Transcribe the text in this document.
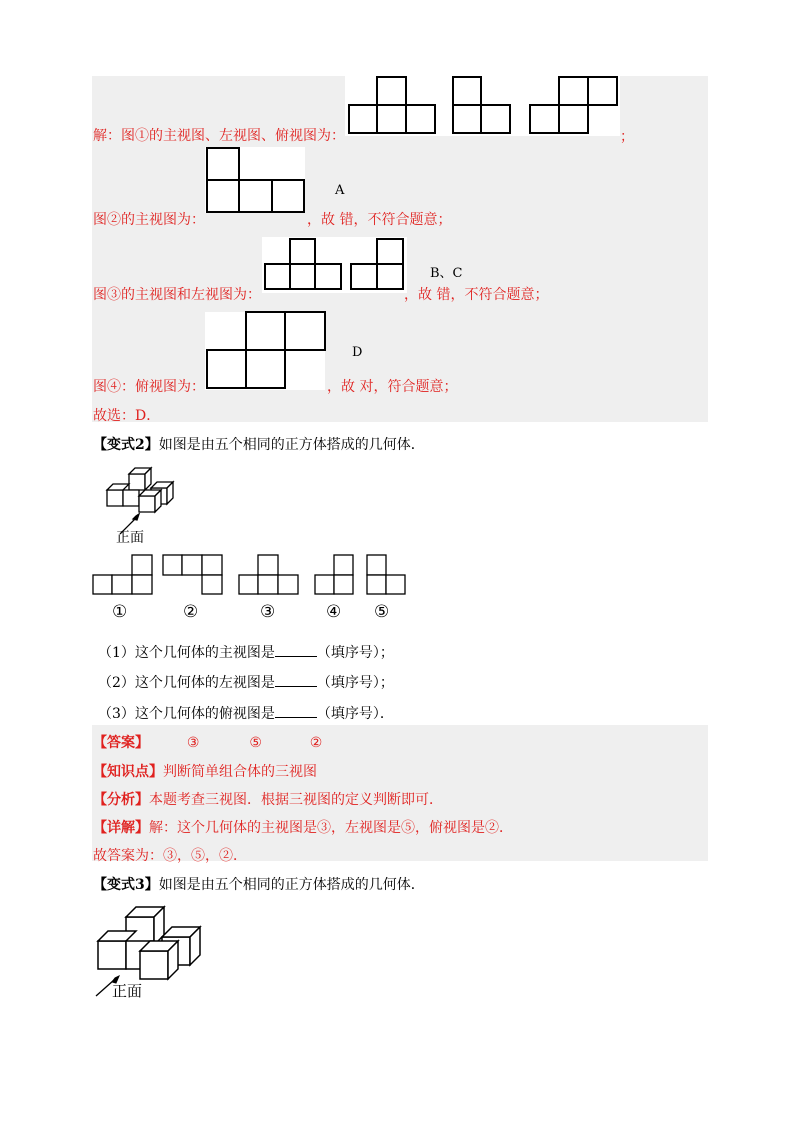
解：图①的主视图、左视图、俯视图为：	；
图②的主视图为：
A
，故 错，不符合题意；
图③的主视图和左视图为：
B、C
，故 错，不符合题意；
图④：俯视图为：
D
，故 对，符合题意；
故选：D．
【变式2】如图是由五个相同的正方体搭成的几何体．
正面
①	②	③	④ ⑤
（1）这个几何体的主视图是	（填序号）；
（2）这个几何体的左视图是	（填序号）；
（3）这个几何体的俯视图是	（填序号）．
【答案】	③	⑤	②
【知识点】判断简单组合体的三视图
【分析】本题考查三视图．根据三视图的定义判断即可．
【详解】解：这个几何体的主视图是③，左视图是⑤，俯视图是②．
故答案为：③，⑤，②．
【变式3】如图是由五个相同的正方体搭成的几何体．
正面
